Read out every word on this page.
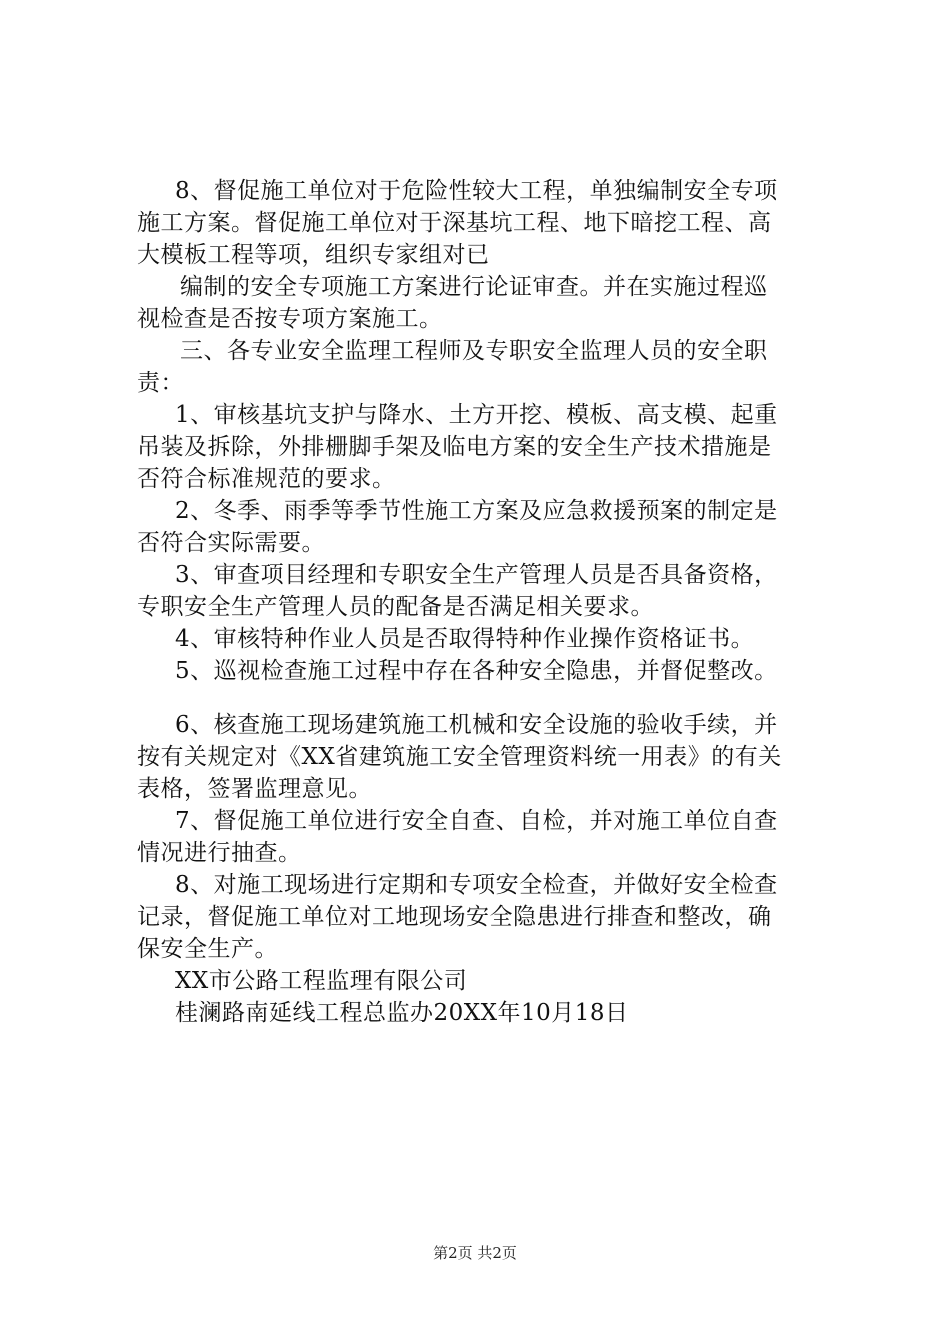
8、督促施工单位对于危险性较大工程，单独编制安全专项
施工方案。督促施工单位对于深基坑工程、地下暗挖工程、高
大模板工程等项，组织专家组对已
编制的安全专项施工方案进行论证审查。并在实施过程巡
视检查是否按专项方案施工。
三、各专业安全监理工程师及专职安全监理人员的安全职
责：
1、审核基坑支护与降水、土方开挖、模板、高支模、起重
吊装及拆除，外排栅脚手架及临电方案的安全生产技术措施是
否符合标准规范的要求。
2、冬季、雨季等季节性施工方案及应急救援预案的制定是
否符合实际需要。
3、审查项目经理和专职安全生产管理人员是否具备资格，
专职安全生产管理人员的配备是否满足相关要求。
4、审核特种作业人员是否取得特种作业操作资格证书。
5、巡视检查施工过程中存在各种安全隐患，并督促整改。
6、核查施工现场建筑施工机械和安全设施的验收手续，并
按有关规定对《XX省建筑施工安全管理资料统一用表》的有关
表格，签署监理意见。
7、督促施工单位进行安全自查、自检，并对施工单位自查
情况进行抽查。
8、对施工现场进行定期和专项安全检查，并做好安全检查
记录，督促施工单位对工地现场安全隐患进行排查和整改，确
保安全生产。
XX市公路工程监理有限公司
桂澜路南延线工程总监办20XX年10月18日
第2页 共2页
